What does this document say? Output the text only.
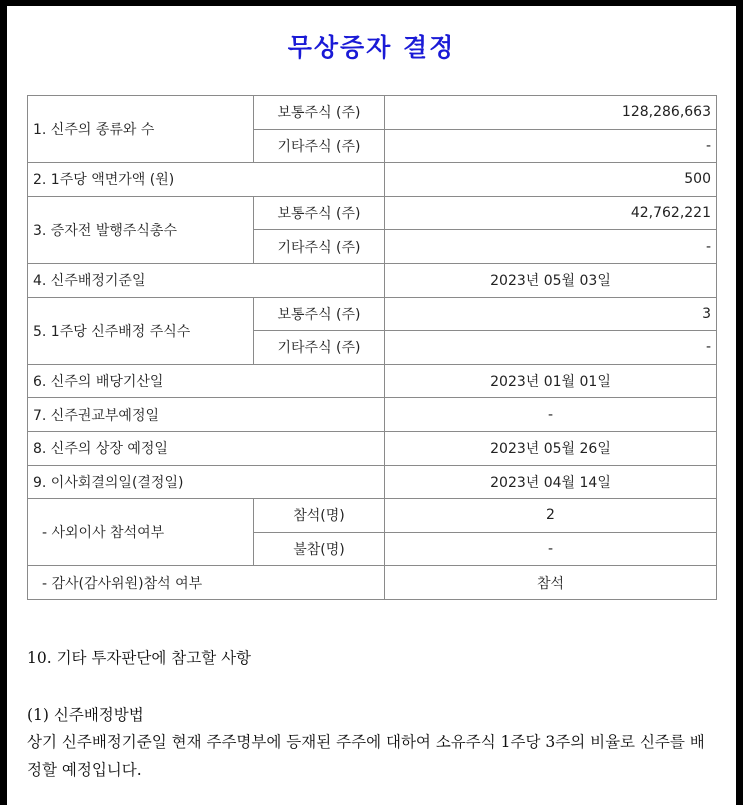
무상증자 결정
1. 신주의 종류와 수	보통주식 (주)	128,286,663
	기타주식 (주)	-
2. 1주당 액면가액 (원)		500
3. 증자전 발행주식총수	보통주식 (주)	42,762,221
	기타주식 (주)	-
4. 신주배정기준일		2023년 05월 03일
5. 1주당 신주배정 주식수	보통주식 (주)	3
	기타주식 (주)	-
6. 신주의 배당기산일		2023년 01월 01일
7. 신주권교부예정일		-
8. 신주의 상장 예정일		2023년 05월 26일
9. 이사회결의일(결정일)		2023년 04월 14일
- 사외이사 참석여부	참석(명)	2
	불참(명)	-
- 감사(감사위원)참석 여부		참석

10. 기타 투자판단에 참고할 사항

(1) 신주배정방법

상기 신주배정기준일 현재 주주명부에 등재된 주주에 대하여 소유주식 1주당 3주의 비율로 신주를 배정할 예정입니다.
